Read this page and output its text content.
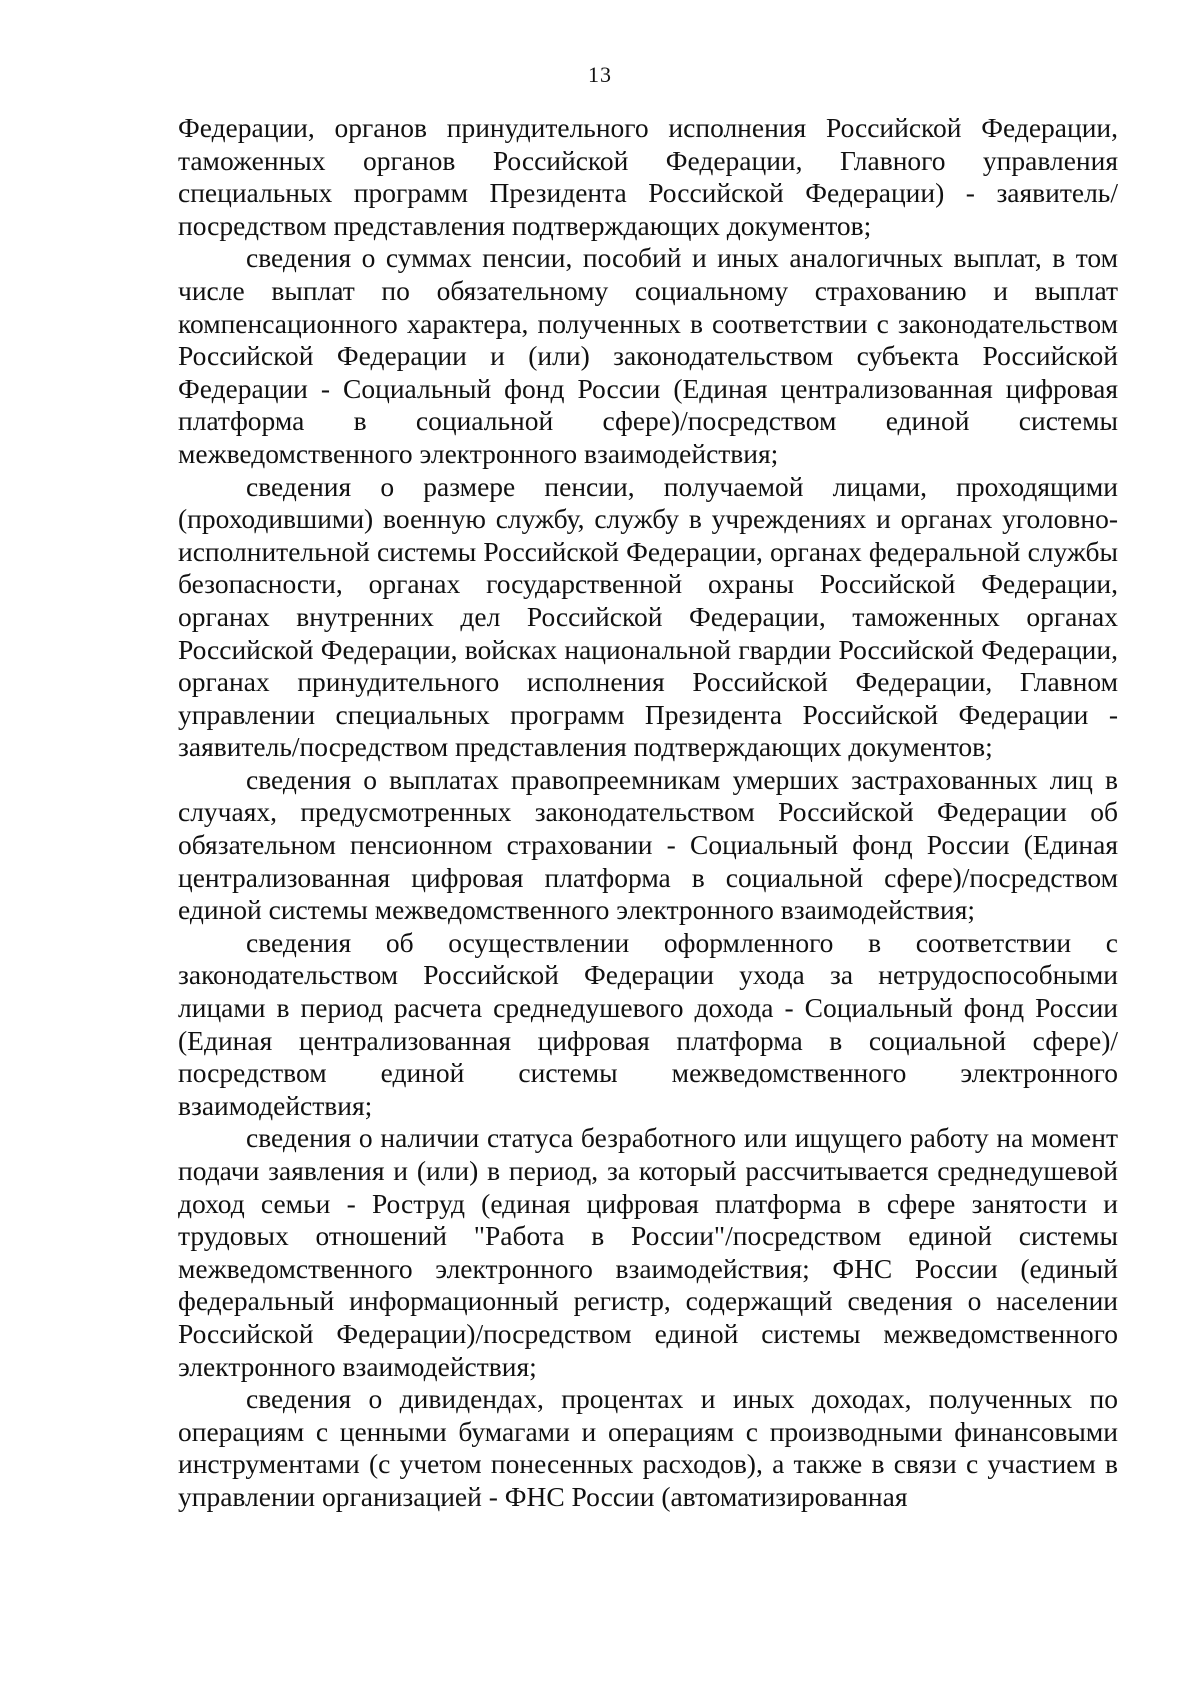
13

Федерации, органов принудительного исполнения Российской Федерации, таможенных органов Российской Федерации, Главного управления специальных программ Президента Российской Федерации) - заявитель/посредством представления подтверждающих документов;

сведения о суммах пенсии, пособий и иных аналогичных выплат, в том числе выплат по обязательному социальному страхованию и выплат компенсационного характера, полученных в соответствии с законодательством Российской Федерации и (или) законодательством субъекта Российской Федерации - Социальный фонд России (Единая централизованная цифровая платформа в социальной сфере)/посредством единой системы межведомственного электронного взаимодействия;

сведения о размере пенсии, получаемой лицами, проходящими (проходившими) военную службу, службу в учреждениях и органах уголовно-исполнительной системы Российской Федерации, органах федеральной службы безопасности, органах государственной охраны Российской Федерации, органах внутренних дел Российской Федерации, таможенных органах Российской Федерации, войсках национальной гвардии Российской Федерации, органах принудительного исполнения Российской Федерации, Главном управлении специальных программ Президента Российской Федерации - заявитель/посредством представления подтверждающих документов;

сведения о выплатах правопреемникам умерших застрахованных лиц в случаях, предусмотренных законодательством Российской Федерации об обязательном пенсионном страховании - Социальный фонд России (Единая централизованная цифровая платформа в социальной сфере)/посредством единой системы межведомственного электронного взаимодействия;

сведения об осуществлении оформленного в соответствии с законодательством Российской Федерации ухода за нетрудоспособными лицами в период расчета среднедушевого дохода - Социальный фонд России (Единая централизованная цифровая платформа в социальной сфере)/посредством единой системы межведомственного электронного взаимодействия;

сведения о наличии статуса безработного или ищущего работу на момент подачи заявления и (или) в период, за который рассчитывается среднедушевой доход семьи - Роструд (единая цифровая платформа в сфере занятости и трудовых отношений "Работа в России"/посредством единой системы межведомственного электронного взаимодействия; ФНС России (единый федеральный информационный регистр, содержащий сведения о населении Российской Федерации)/посредством единой системы межведомственного электронного взаимодействия;

сведения о дивидендах, процентах и иных доходах, полученных по операциям с ценными бумагами и операциям с производными финансовыми инструментами (с учетом понесенных расходов), а также в связи с участием в управлении организацией - ФНС России (автоматизированная
